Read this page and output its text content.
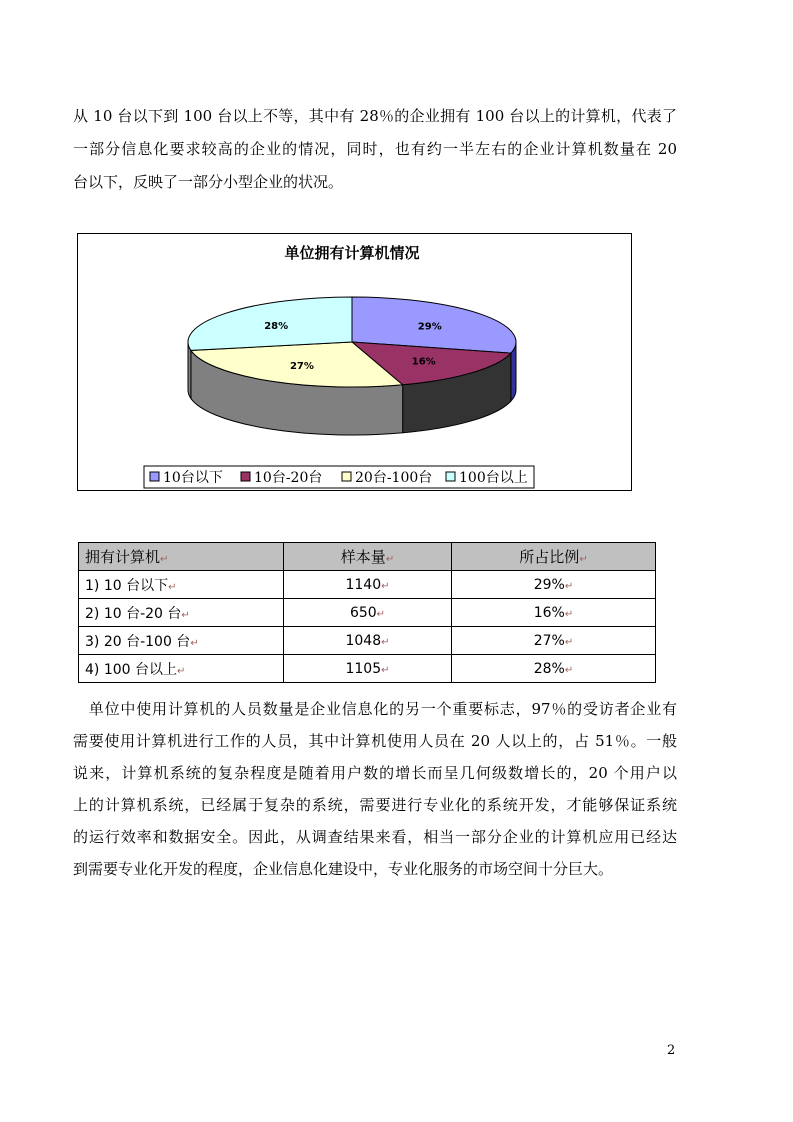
从 10 台以下到 100 台以上不等，其中有 28％的企业拥有 100 台以上的计算机，代表了
一部分信息化要求较高的企业的情况，同时，也有约一半左右的企业计算机数量在 20
台以下，反映了一部分小型企业的状况。
单位拥有计算机情况
29%
16%
27%
28%
10台以下 10台-20台 20台-100台 100台以上
拥有计算机↵	样本量↵	所占比例↵
1) 10 台以下↵	1140↵	29%↵
2) 10 台-20 台↵	650↵	16%↵
3) 20 台-100 台↵	1048↵	27%↵
4) 100 台以上↵	1105↵	28%↵
　单位中使用计算机的人员数量是企业信息化的另一个重要标志，97％的受访者企业有
需要使用计算机进行工作的人员，其中计算机使用人员在 20 人以上的，占 51％。一般
说来，计算机系统的复杂程度是随着用户数的增长而呈几何级数增长的，20 个用户以
上的计算机系统，已经属于复杂的系统，需要进行专业化的系统开发，才能够保证系统
的运行效率和数据安全。因此，从调查结果来看，相当一部分企业的计算机应用已经达
到需要专业化开发的程度，企业信息化建设中，专业化服务的市场空间十分巨大。
2
